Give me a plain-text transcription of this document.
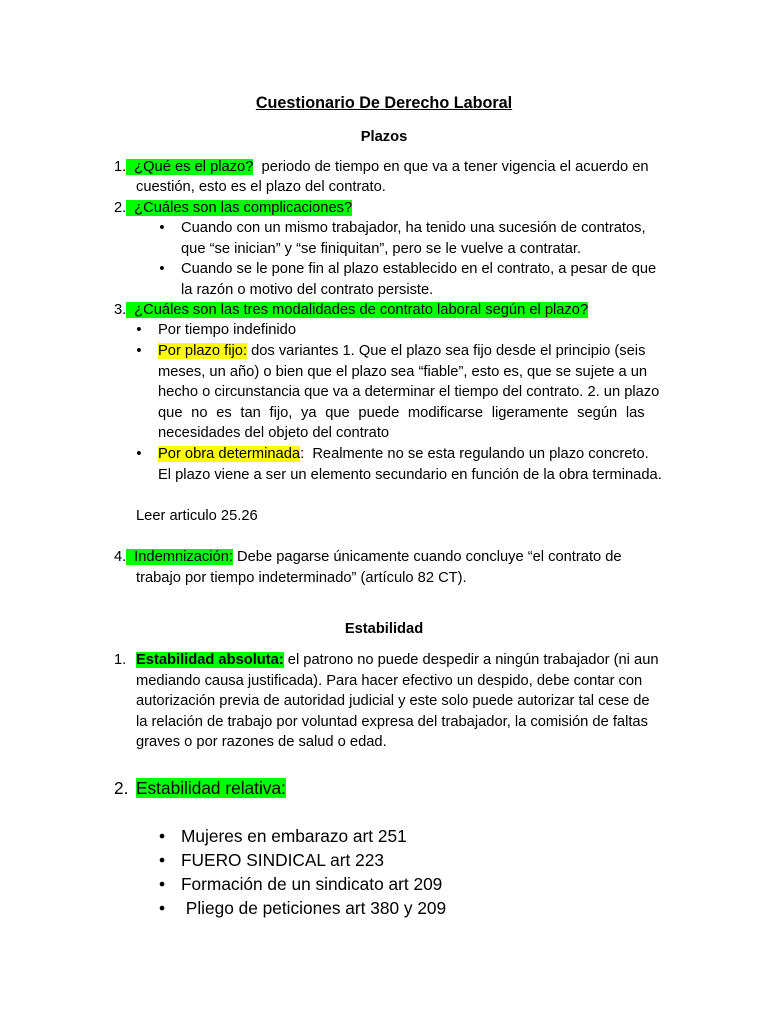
Cuestionario De Derecho Laboral
Plazos
1. ¿Qué es el plazo?  periodo de tiempo en que va a tener vigencia el acuerdo en
cuestión, esto es el plazo del contrato.
2. ¿Cuáles son las complicaciones?
• Cuando con un mismo trabajador, ha tenido una sucesión de contratos,
que “se inician” y “se finiquitan”, pero se le vuelve a contratar.
• Cuando se le pone fin al plazo establecido en el contrato, a pesar de que
la razón o motivo del contrato persiste.
3. ¿Cuáles son las tres modalidades de contrato laboral según el plazo?
• Por tiempo indefinido
• Por plazo fijo: dos variantes 1. Que el plazo sea fijo desde el principio (seis
meses, un año) o bien que el plazo sea “fiable”, esto es, que se sujete a un
hecho o circunstancia que va a determinar el tiempo del contrato. 2. un plazo
que no es tan fijo, ya que puede modificarse ligeramente según las
necesidades del objeto del contrato
• Por obra determinada:  Realmente no se esta regulando un plazo concreto.
El plazo viene a ser un elemento secundario en función de la obra terminada.
Leer articulo 25.26
4. Indemnización: Debe pagarse únicamente cuando concluye “el contrato de
trabajo por tiempo indeterminado” (artículo 82 CT).
Estabilidad
1. Estabilidad absoluta: el patrono no puede despedir a ningún trabajador (ni aun
mediando causa justificada). Para hacer efectivo un despido, debe contar con
autorización previa de autoridad judicial y este solo puede autorizar tal cese de
la relación de trabajo por voluntad expresa del trabajador, la comisión de faltas
graves o por razones de salud o edad.
2. Estabilidad relativa:
• Mujeres en embarazo art 251
• FUERO SINDICAL art 223
• Formación de un sindicato art 209
• Pliego de peticiones art 380 y 209
